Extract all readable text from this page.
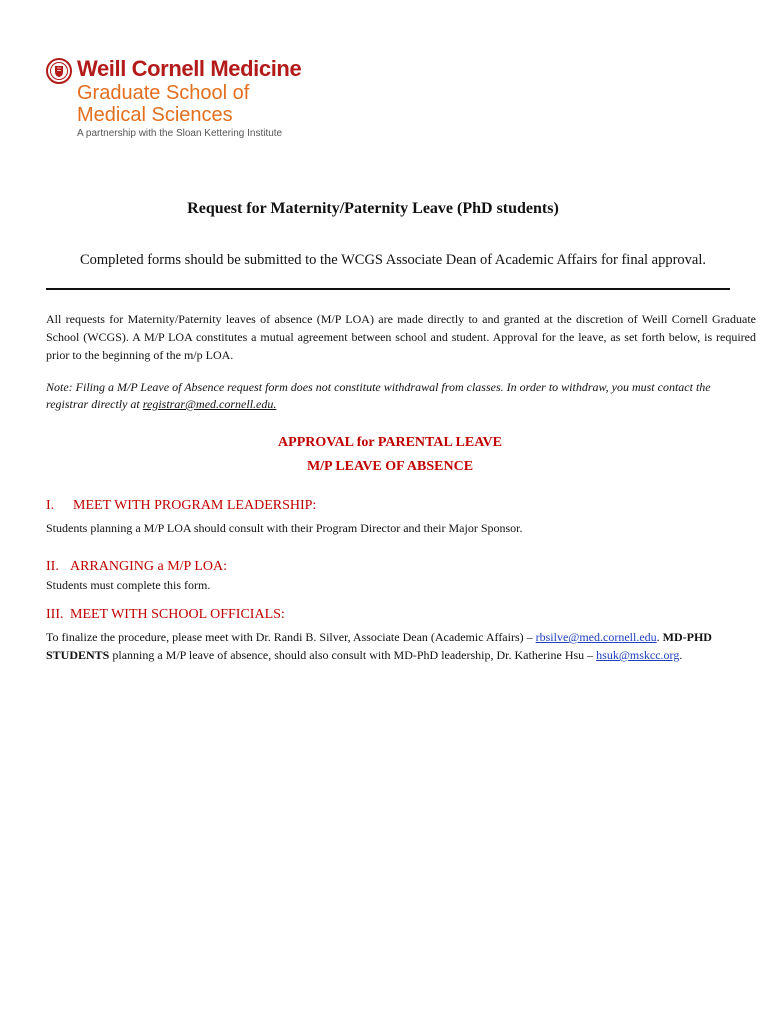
Weill Cornell Medicine
Graduate School of
Medical Sciences
A partnership with the Sloan Kettering Institute
Request for Maternity/Paternity Leave (PhD students)
Completed forms should be submitted to the WCGS Associate Dean of Academic Affairs for final approval.
All requests for Maternity/Paternity leaves of absence (M/P LOA) are made directly to and granted at the discretion of Weill Cornell Graduate School (WCGS). A M/P LOA constitutes a mutual agreement between school and student. Approval for the leave, as set forth below, is required prior to the beginning of the m/p LOA.
Note: Filing a M/P Leave of Absence request form does not constitute withdrawal from classes. In order to withdraw, you must contact the registrar directly at registrar@med.cornell.edu.
APPROVAL for PARENTAL LEAVE
M/P LEAVE OF ABSENCE
I. MEET WITH PROGRAM LEADERSHIP:
Students planning a M/P LOA should consult with their Program Director and their Major Sponsor.
II. ARRANGING a M/P LOA:
Students must complete this form.
III. MEET WITH SCHOOL OFFICIALS:
To finalize the procedure, please meet with Dr. Randi B. Silver, Associate Dean (Academic Affairs) – rbsilve@med.cornell.edu. MD-PHD STUDENTS planning a M/P leave of absence, should also consult with MD-PhD leadership, Dr. Katherine Hsu – hsuk@mskcc.org.
